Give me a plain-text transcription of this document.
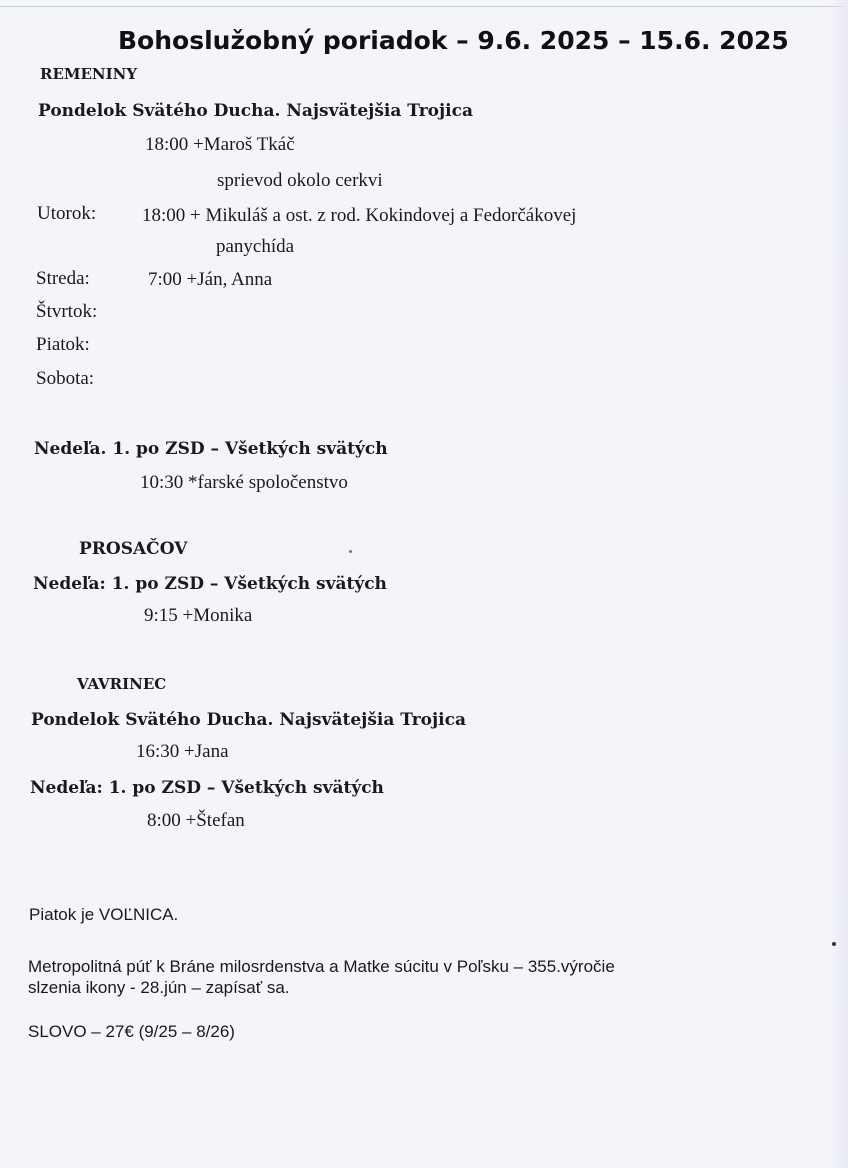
Bohoslužobný poriadok – 9.6. 2025 – 15.6. 2025
REMENINY
Pondelok Svätého Ducha. Najsvätejšia Trojica
18:00 +Maroš Tkáč
sprievod okolo cerkvi
Utorok: 18:00 + Mikuláš a ost. z rod. Kokindovej a Fedorčákovej
panychída
Streda:	7:00 +Ján, Anna
Štvrtok:
Piatok:
Sobota:
Nedeľa. 1. po ZSD – Všetkých svätých
10:30 *farské spoločenstvo
PROSAČOV
Nedeľa: 1. po ZSD – Všetkých svätých
9:15 +Monika
VAVRINEC
Pondelok Svätého Ducha. Najsvätejšia Trojica
16:30 +Jana
Nedeľa: 1. po ZSD – Všetkých svätých
8:00 +Štefan
Piatok je VOĽNICA.
Metropolitná púť k Bráne milosrdenstva a Matke súcitu v Poľsku – 355.výročie
slzenia ikony - 28.jún – zapísať sa.
SLOVO – 27€ (9/25 – 8/26)
